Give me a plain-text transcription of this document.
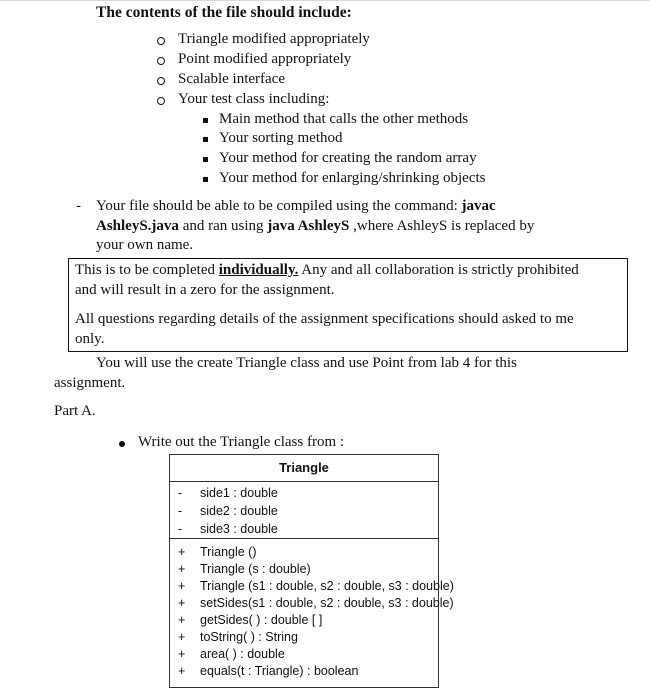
The contents of the file should include:
Triangle modified appropriately
Point modified appropriately
Scalable interface
Your test class including:
Main method that calls the other methods
Your sorting method
Your method for creating the random array
Your method for enlarging/shrinking objects
- Your file should be able to be compiled using the command: javac
AshleyS.java and ran using java AshleyS ,where AshleyS is replaced by
your own name.
This is to be completed individually. Any and all collaboration is strictly prohibited
and will result in a zero for the assignment.
All questions regarding details of the assignment specifications should asked to me
only.
You will use the create Triangle class and use Point from lab 4 for this
assignment.
Part A.
Write out the Triangle class from :
Triangle
- side1 : double
- side2 : double
- side3 : double
+ Triangle ()
+ Triangle (s : double)
+ Triangle (s1 : double, s2 : double, s3 : double)
+ setSides(s1 : double, s2 : double, s3 : double)
+ getSides( ) : double [ ]
+ toString( ) : String
+ area( ) : double
+ equals(t : Triangle) : boolean
